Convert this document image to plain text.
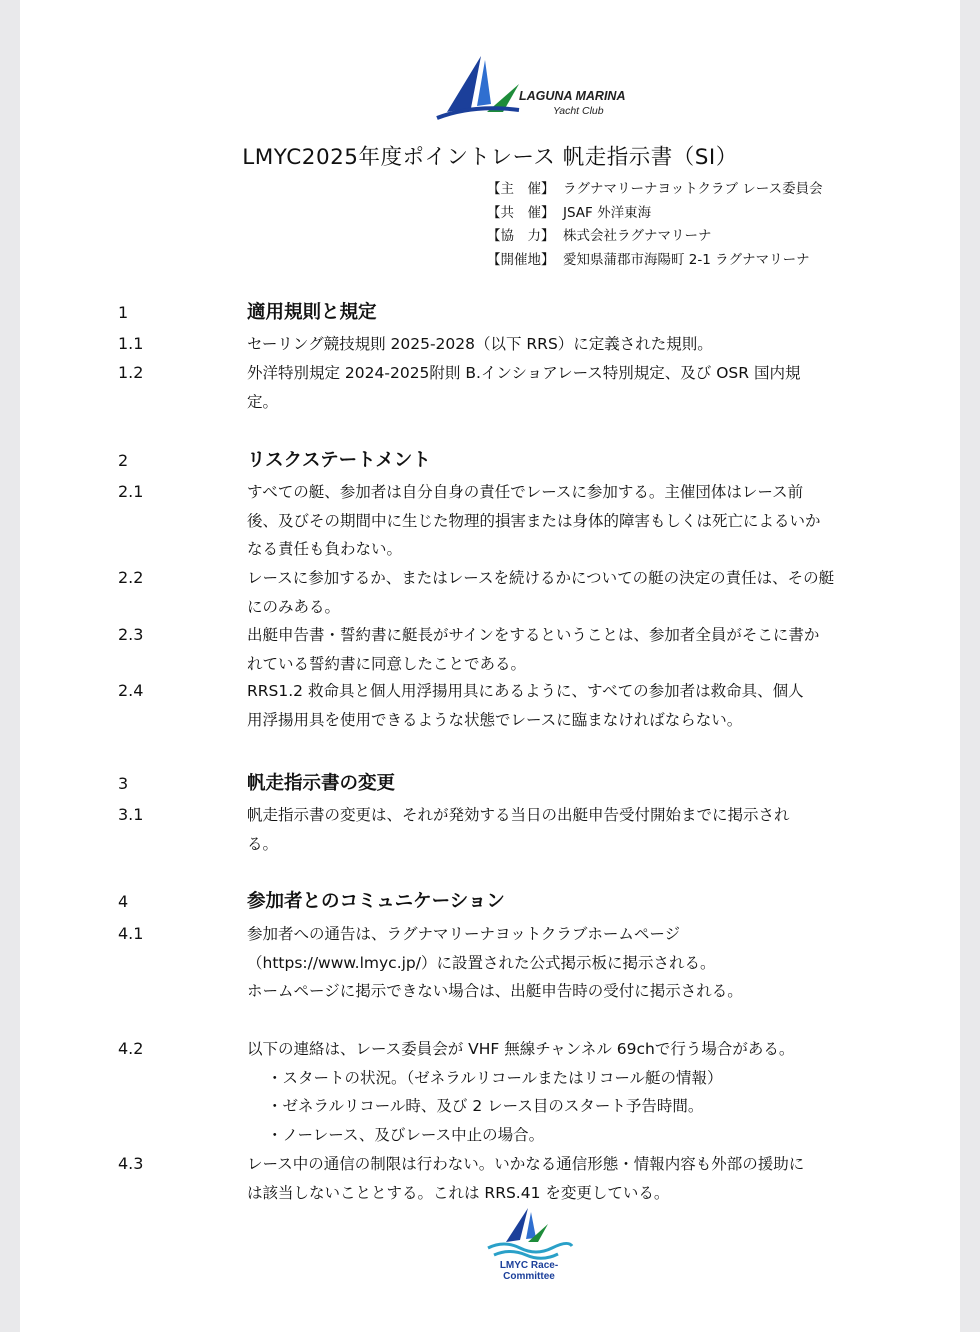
LAGUNA MARINA
Yacht Club
LMYC2025年度ポイントレース 帆走指示書（SI）
【主　催】 ラグナマリーナヨットクラブ レース委員会
【共　催】 JSAF 外洋東海
【協　力】 株式会社ラグナマリーナ
【開催地】 愛知県蒲郡市海陽町 2-1 ラグナマリーナ
1	適用規則と規定
1.1	セーリング競技規則 2025-2028（以下 RRS）に定義された規則。
1.2	外洋特別規定 2024-2025附則 B.インショアレース特別規定、及び OSR 国内規
定。
2	リスクステートメント
2.1	すべての艇、参加者は自分自身の責任でレースに参加する。主催団体はレース前
後、及びその期間中に生じた物理的損害または身体的障害もしくは死亡によるいか
なる責任も負わない。
2.2	レースに参加するか、またはレースを続けるかについての艇の決定の責任は、その艇
にのみある。
2.3	出艇申告書・誓約書に艇長がサインをするということは、参加者全員がそこに書か
れている誓約書に同意したことである。
2.4	RRS1.2 救命具と個人用浮揚用具にあるように、すべての参加者は救命具、個人
用浮揚用具を使用できるような状態でレースに臨まなければならない。
3	帆走指示書の変更
3.1	帆走指示書の変更は、それが発効する当日の出艇申告受付開始までに掲示され
る。
4	参加者とのコミュニケーション
4.1	参加者への通告は、ラグナマリーナヨットクラブホームページ
（https://www.lmyc.jp/）に設置された公式掲示板に掲示される。
ホームページに掲示できない場合は、出艇申告時の受付に掲示される。
4.2	以下の連絡は、レース委員会が VHF 無線チャンネル 69chで行う場合がある。
・スタートの状況。（ゼネラルリコールまたはリコール艇の情報）
・ゼネラルリコール時、及び 2 レース目のスタート予告時間。
・ノーレース、及びレース中止の場合。
4.3	レース中の通信の制限は行わない。いかなる通信形態・情報内容も外部の援助に
は該当しないこととする。これは RRS.41 を変更している。
LMYC Race-Committee
